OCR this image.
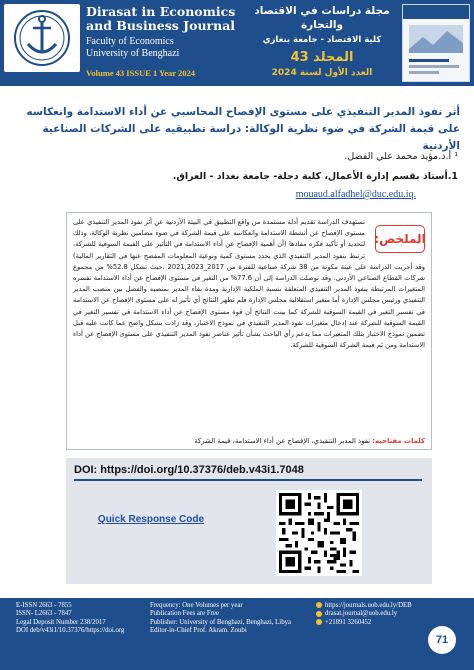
Dirasat in Economics
and Business Journal
Faculty of Economics
University of Benghazi
Volume 43 ISSUE 1 Year 2024
مجلة دراسات في الاقتصاد والتجارة
كلية الاقتصاد - جامعة بنغازي
المجلد 43
العدد الأول لسنة 2024
أثر نفوذ المدير التنفيذي على مستوى الإفصاح المحاسبي عن أداء الاستدامة وانعكاسه على قيمة الشركة في ضوء نظرية الوكالة: دراسة تطبيقيه على الشركات الصناعية الأردنية
¹ أ.د.مؤيد محمد علي الفضل.
1.أستاذ بقسم إدارة الأعمال، كلية دجلة- جامعة بغداد - العراق.
mouaud.alfadhel@duc.edu.iq.
تستهدف الدراسة تقديم أدلة مستمدة من واقع التطبيق في البيئة الأردنية عن أثر نفوذ المدير التنفيذي على مستوى الإفصاح عن أنشطة الاستدامة وانعكاسه على قيمة الشركة في ضوء مضامين نظرية الوكالة، وذلك لتحديد أو تأكيد فكره مفادها (أن أهمية الإفصاح عن أداء الاستدامة في التأثير على القيمة السوقية للشركة، ترتبط بنفوذ المدير التنفيذي الذي يحدد مستوى كمية ونوعية المعلومات المفصح عنها في التقارير المالية) وقد أجريت الدراسة على عينة مكونة من 38 شركة صناعية للفترة من 2017_2021,2023 ،حيث تشكل 52.8% من مجموع شركات القطاع الصناعي الأردني. وقد توصلت الدراسة إلى أن 77.6% من التغير في مستوى الإفصاح عن أداء الاستدامة تفسره المتغيرات المرتبطة بنفوذ المدير التنفيذي المتعلقة بنسبة الملكية الإدارية ومدة بقاء المدير بمنصبه والفصل بين منصب المدير التنفيذي ورئيس مجلس الإدارة أما متغير استقلالية مجلس الإدارة فلم تظهر النتائج أي تأثير له على مستوى الإفصاح عن الاستدامة في تفسير التغير في القيمة السوقية للشركة كما بينت النتائج أن قوة مستوى الإفصاح عن أداء الاستدامة في تفسير التغير في القيمة السوقية للشركة عند إدخال متغيرات نفوذ المدير التنفيذي في نموذج الاختبار، وقد زادت بشكل واضح عما كانت عليه قبل تضمين نموذج الاختبار بتلك المتغيرات مما يدعم رأي الباحث بشأن تأثير عناصر نفوذ المدير التنفيذي على مستوى الإفصاح عن أداء الاستدامة ومن ثم قيمة الشركة السوقية للشركة.
الملخص:
كلمات مفتاحيه: نفوذ المدير التنفيذي، الإفصاح عن أداء الاستدامة، قيمة الشركة
DOI: https://doi.org/10.37376/deb.v43i1.7048
Quick Response Code
E-ISSN 2663 - 7855
ISSN- L2663 - 7847
Legal Deposit Number 238/2017
DOI deb/v43i1/10.37376/https://doi.org
Frequency: One Volumes per year
Publication Fees are Free
Publisher: University of Benghazi, Benghazi, Libya
Editor-in-Chief Prof. Akram. Zoubi
https://journals.uob.edu.ly/DEB
drasat.journal@uob.edu.ly
+21891 3260452
71
